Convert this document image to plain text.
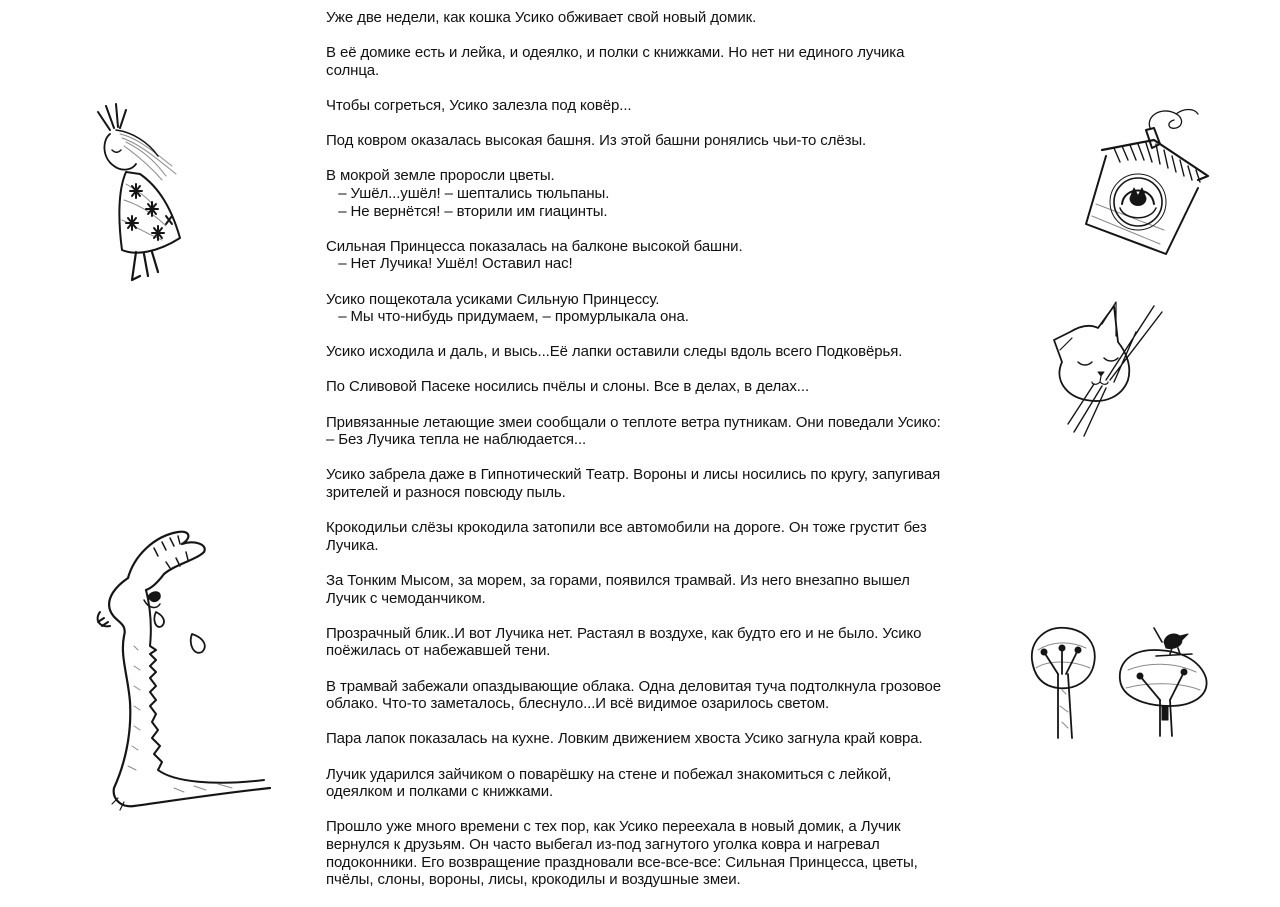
Уже две недели, как кошка Усико обживает свой новый домик.

В её домике есть и лейка, и одеялко, и полки с книжками. Но нет ни единого лучика
солнца.

Чтобы согреться, Усико залезла под ковёр...

Под ковром оказалась высокая башня. Из этой башни ронялись чьи-то слёзы.

В мокрой земле проросли цветы.
– Ушёл...ушёл! – шептались тюльпаны.
– Не вернётся! – вторили им гиацинты.

Сильная Принцесса показалась на балконе высокой башни.
– Нет Лучика! Ушёл! Оставил нас!

Усико пощекотала усиками Сильную Принцессу.
– Мы что-нибудь придумаем, – промурлыкала она.

Усико исходила и даль, и высь...Её лапки оставили следы вдоль всего Подковёрья.

По Сливовой Пасеке носились пчёлы и слоны. Все в делах, в делах...

Привязанные летающие змеи сообщали о теплоте ветра путникам. Они поведали Усико:
– Без Лучика тепла не наблюдается...

Усико забрела даже в Гипнотический Театр. Вороны и лисы носились по кругу, запугивая
зрителей и разнося повсюду пыль.

Крокодильи слёзы крокодила затопили все автомобили на дороге. Он тоже грустит без
Лучика.

За Тонким Мысом, за морем, за горами, появился трамвай. Из него внезапно вышел
Лучик с чемоданчиком.

Прозрачный блик..И вот Лучика нет. Растаял в воздухе, как будто его и не было. Усико
поёжилась от набежавшей тени.

В трамвай забежали опаздывающие облака. Одна деловитая туча подтолкнула грозовое
облако. Что-то заметалось, блеснуло...И всё видимое озарилось светом.

Пара лапок показалась на кухне. Ловким движением хвоста Усико загнула край ковра.

Лучик ударился зайчиком о поварёшку на стене и побежал знакомиться с лейкой,
одеялком и полками с книжками.

Прошло уже много времени с тех пор, как Усико переехала в новый домик, а Лучик
вернулся к друзьям. Он часто выбегал из-под загнутого уголка ковра и нагревал
подоконники. Его возвращение праздновали все-все-все: Сильная Принцесса, цветы,
пчёлы, слоны, вороны, лисы, крокодилы и воздушные змеи.
